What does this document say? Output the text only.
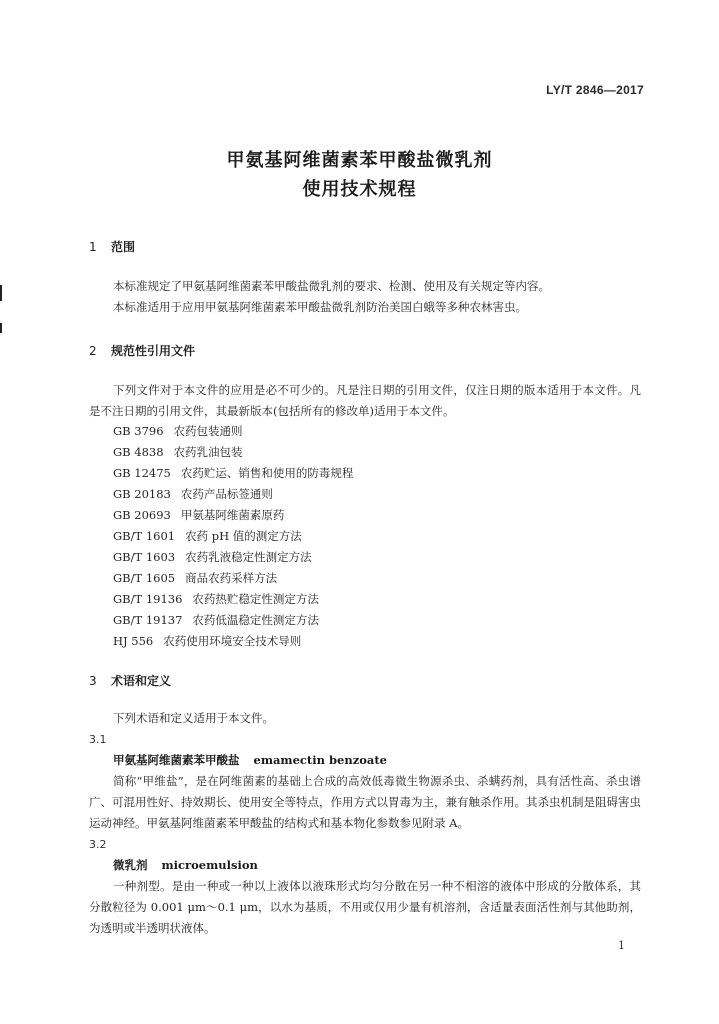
LY/T 2846—2017
甲氨基阿维菌素苯甲酸盐微乳剂
使用技术规程
1 范围
本标准规定了甲氨基阿维菌素苯甲酸盐微乳剂的要求、检测、使用及有关规定等内容。
本标准适用于应用甲氨基阿维菌素苯甲酸盐微乳剂防治美国白蛾等多种农林害虫。
2 规范性引用文件
下列文件对于本文件的应用是必不可少的。凡是注日期的引用文件，仅注日期的版本适用于本文件。凡是不注日期的引用文件，其最新版本(包括所有的修改单)适用于本文件。
GB 3796 农药包装通则
GB 4838 农药乳油包装
GB 12475 农药贮运、销售和使用的防毒规程
GB 20183 农药产品标签通则
GB 20693 甲氨基阿维菌素原药
GB/T 1601 农药 pH 值的测定方法
GB/T 1603 农药乳液稳定性测定方法
GB/T 1605 商品农药采样方法
GB/T 19136 农药热贮稳定性测定方法
GB/T 19137 农药低温稳定性测定方法
HJ 556 农药使用环境安全技术导则
3 术语和定义
下列术语和定义适用于本文件。
3.1
甲氨基阿维菌素苯甲酸盐 emamectin benzoate
简称“甲维盐”，是在阿维菌素的基础上合成的高效低毒微生物源杀虫、杀螨药剂，具有活性高、杀虫谱广、可混用性好、持效期长、使用安全等特点，作用方式以胃毒为主，兼有触杀作用。其杀虫机制是阻碍害虫运动神经。甲氨基阿维菌素苯甲酸盐的结构式和基本物化参数参见附录 A。
3.2
微乳剂 microemulsion
一种剂型。是由一种或一种以上液体以液珠形式均匀分散在另一种不相溶的液体中形成的分散体系，其分散粒径为 0.001 μm～0.1 μm，以水为基质，不用或仅用少量有机溶剂，含适量表面活性剂与其他助剂，为透明或半透明状液体。
1
